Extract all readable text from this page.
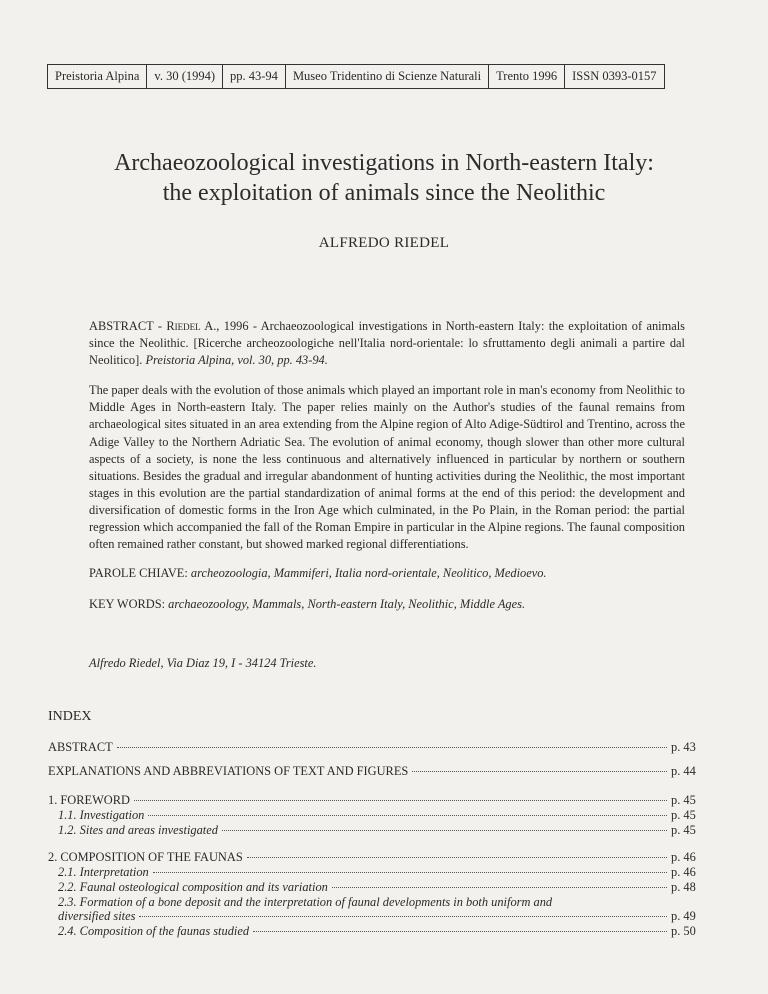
Preistoria Alpina	v. 30 (1994)	pp. 43-94	Museo Tridentino di Scienze Naturali	Trento 1996	ISSN 0393-0157
Archaeozoological investigations in North-eastern Italy:
the exploitation of animals since the Neolithic
ALFREDO RIEDEL

ABSTRACT - Riedel A., 1996 - Archaeozoological investigations in North-eastern Italy: the exploitation of animals since the Neolithic. [Ricerche archeozoologiche nell'Italia nord-orientale: lo sfruttamento degli animali a partire dal Neolitico]. Preistoria Alpina, vol. 30, pp. 43-94.

The paper deals with the evolution of those animals which played an important role in man's economy from Neolithic to Middle Ages in North-eastern Italy. The paper relies mainly on the Author's studies of the faunal remains from archaeological sites situated in an area extending from the Alpine region of Alto Adige-Südtirol and Trentino, across the Adige Valley to the Northern Adriatic Sea. The evolution of animal economy, though slower than other more cultural aspects of a society, is none the less continuous and alternatively influenced in particular by northern or southern situations. Besides the gradual and irregular abandonment of hunting activities during the Neolithic, the most important stages in this evolution are the partial standardization of animal forms at the end of this period: the development and diversification of domestic forms in the Iron Age which culminated, in the Po Plain, in the Roman period: the partial regression which accompanied the fall of the Roman Empire in particular in the Alpine regions. The faunal composition often remained rather constant, but showed marked regional differentiations.

PAROLE CHIAVE: archeozoologia, Mammiferi, Italia nord-orientale, Neolitico, Medioevo.
KEY WORDS: archaeozoology, Mammals, North-eastern Italy, Neolithic, Middle Ages.
Alfredo Riedel, Via Diaz 19, I - 34124 Trieste.
INDEX
ABSTRACT	p. 43
EXPLANATIONS AND ABBREVIATIONS OF TEXT AND FIGURES	p. 44
1. FOREWORD	p. 45
1.1. Investigation	p. 45
1.2. Sites and areas investigated	p. 45
2. COMPOSITION OF THE FAUNAS	p. 46
2.1. Interpretation	p. 46
2.2. Faunal osteological composition and its variation	p. 48
2.3. Formation of a bone deposit and the interpretation of faunal developments in both uniform and
diversified sites	p. 49
2.4. Composition of the faunas studied	p. 50
